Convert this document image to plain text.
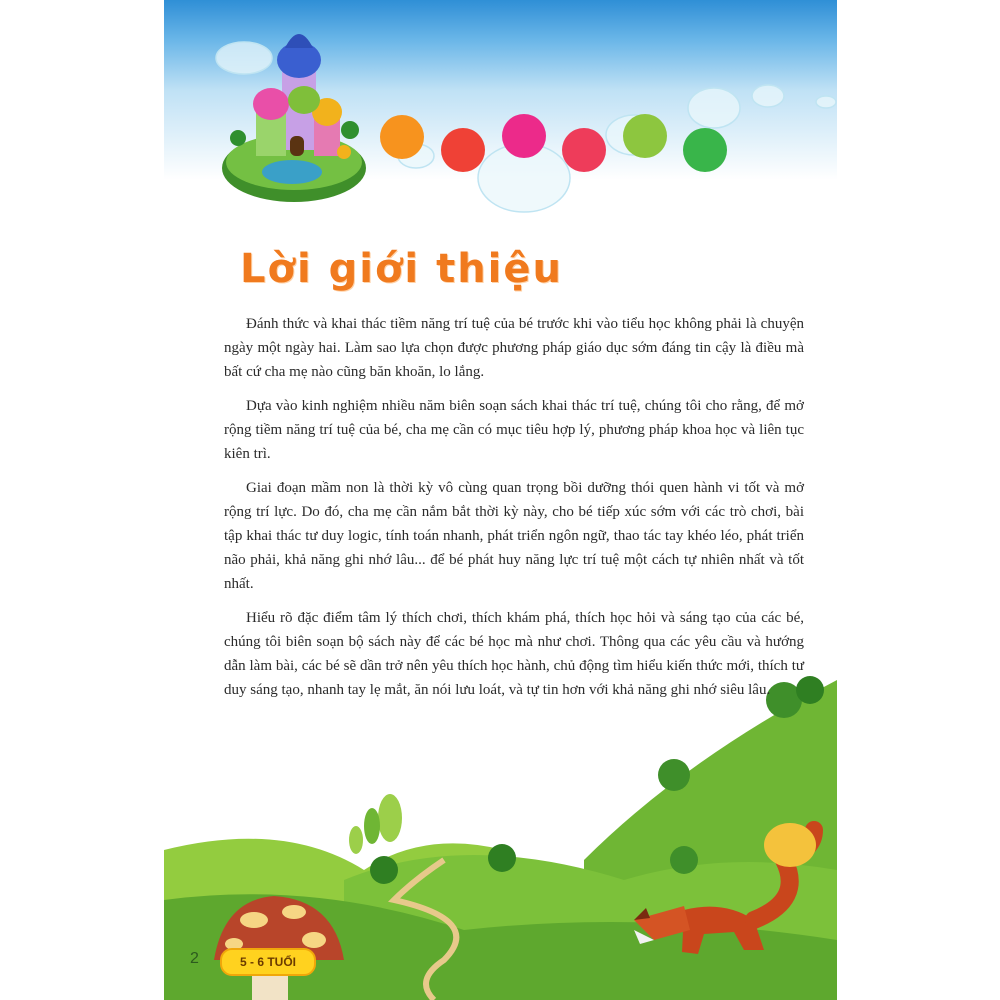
Lời giới thiệu

Đánh thức và khai thác tiềm năng trí tuệ của bé trước khi vào tiểu học không phải là chuyện ngày một ngày hai. Làm sao lựa chọn được phương pháp giáo dục sớm đáng tin cậy là điều mà bất cứ cha mẹ nào cũng băn khoăn, lo lắng.

Dựa vào kinh nghiệm nhiều năm biên soạn sách khai thác trí tuệ, chúng tôi cho rằng, để mở rộng tiềm năng trí tuệ của bé, cha mẹ cần có mục tiêu hợp lý, phương pháp khoa học và liên tục kiên trì.

Giai đoạn mầm non là thời kỳ vô cùng quan trọng bồi dưỡng thói quen hành vi tốt và mở rộng trí lực. Do đó, cha mẹ cần nắm bắt thời kỳ này, cho bé tiếp xúc sớm với các trò chơi, bài tập khai thác tư duy logic, tính toán nhanh, phát triển ngôn ngữ, thao tác tay khéo léo, phát triển não phải, khả năng ghi nhớ lâu... để bé phát huy năng lực trí tuệ một cách tự nhiên nhất và tốt nhất.

Hiểu rõ đặc điểm tâm lý thích chơi, thích khám phá, thích học hỏi và sáng tạo của các bé, chúng tôi biên soạn bộ sách này để các bé học mà như chơi. Thông qua các yêu cầu và hướng dẫn làm bài, các bé sẽ dần trở nên yêu thích học hành, chủ động tìm hiểu kiến thức mới, thích tư duy sáng tạo, nhanh tay lẹ mắt, ăn nói lưu loát, và tự tin hơn với khả năng ghi nhớ siêu lâu.

2	5 - 6 TUỔI
